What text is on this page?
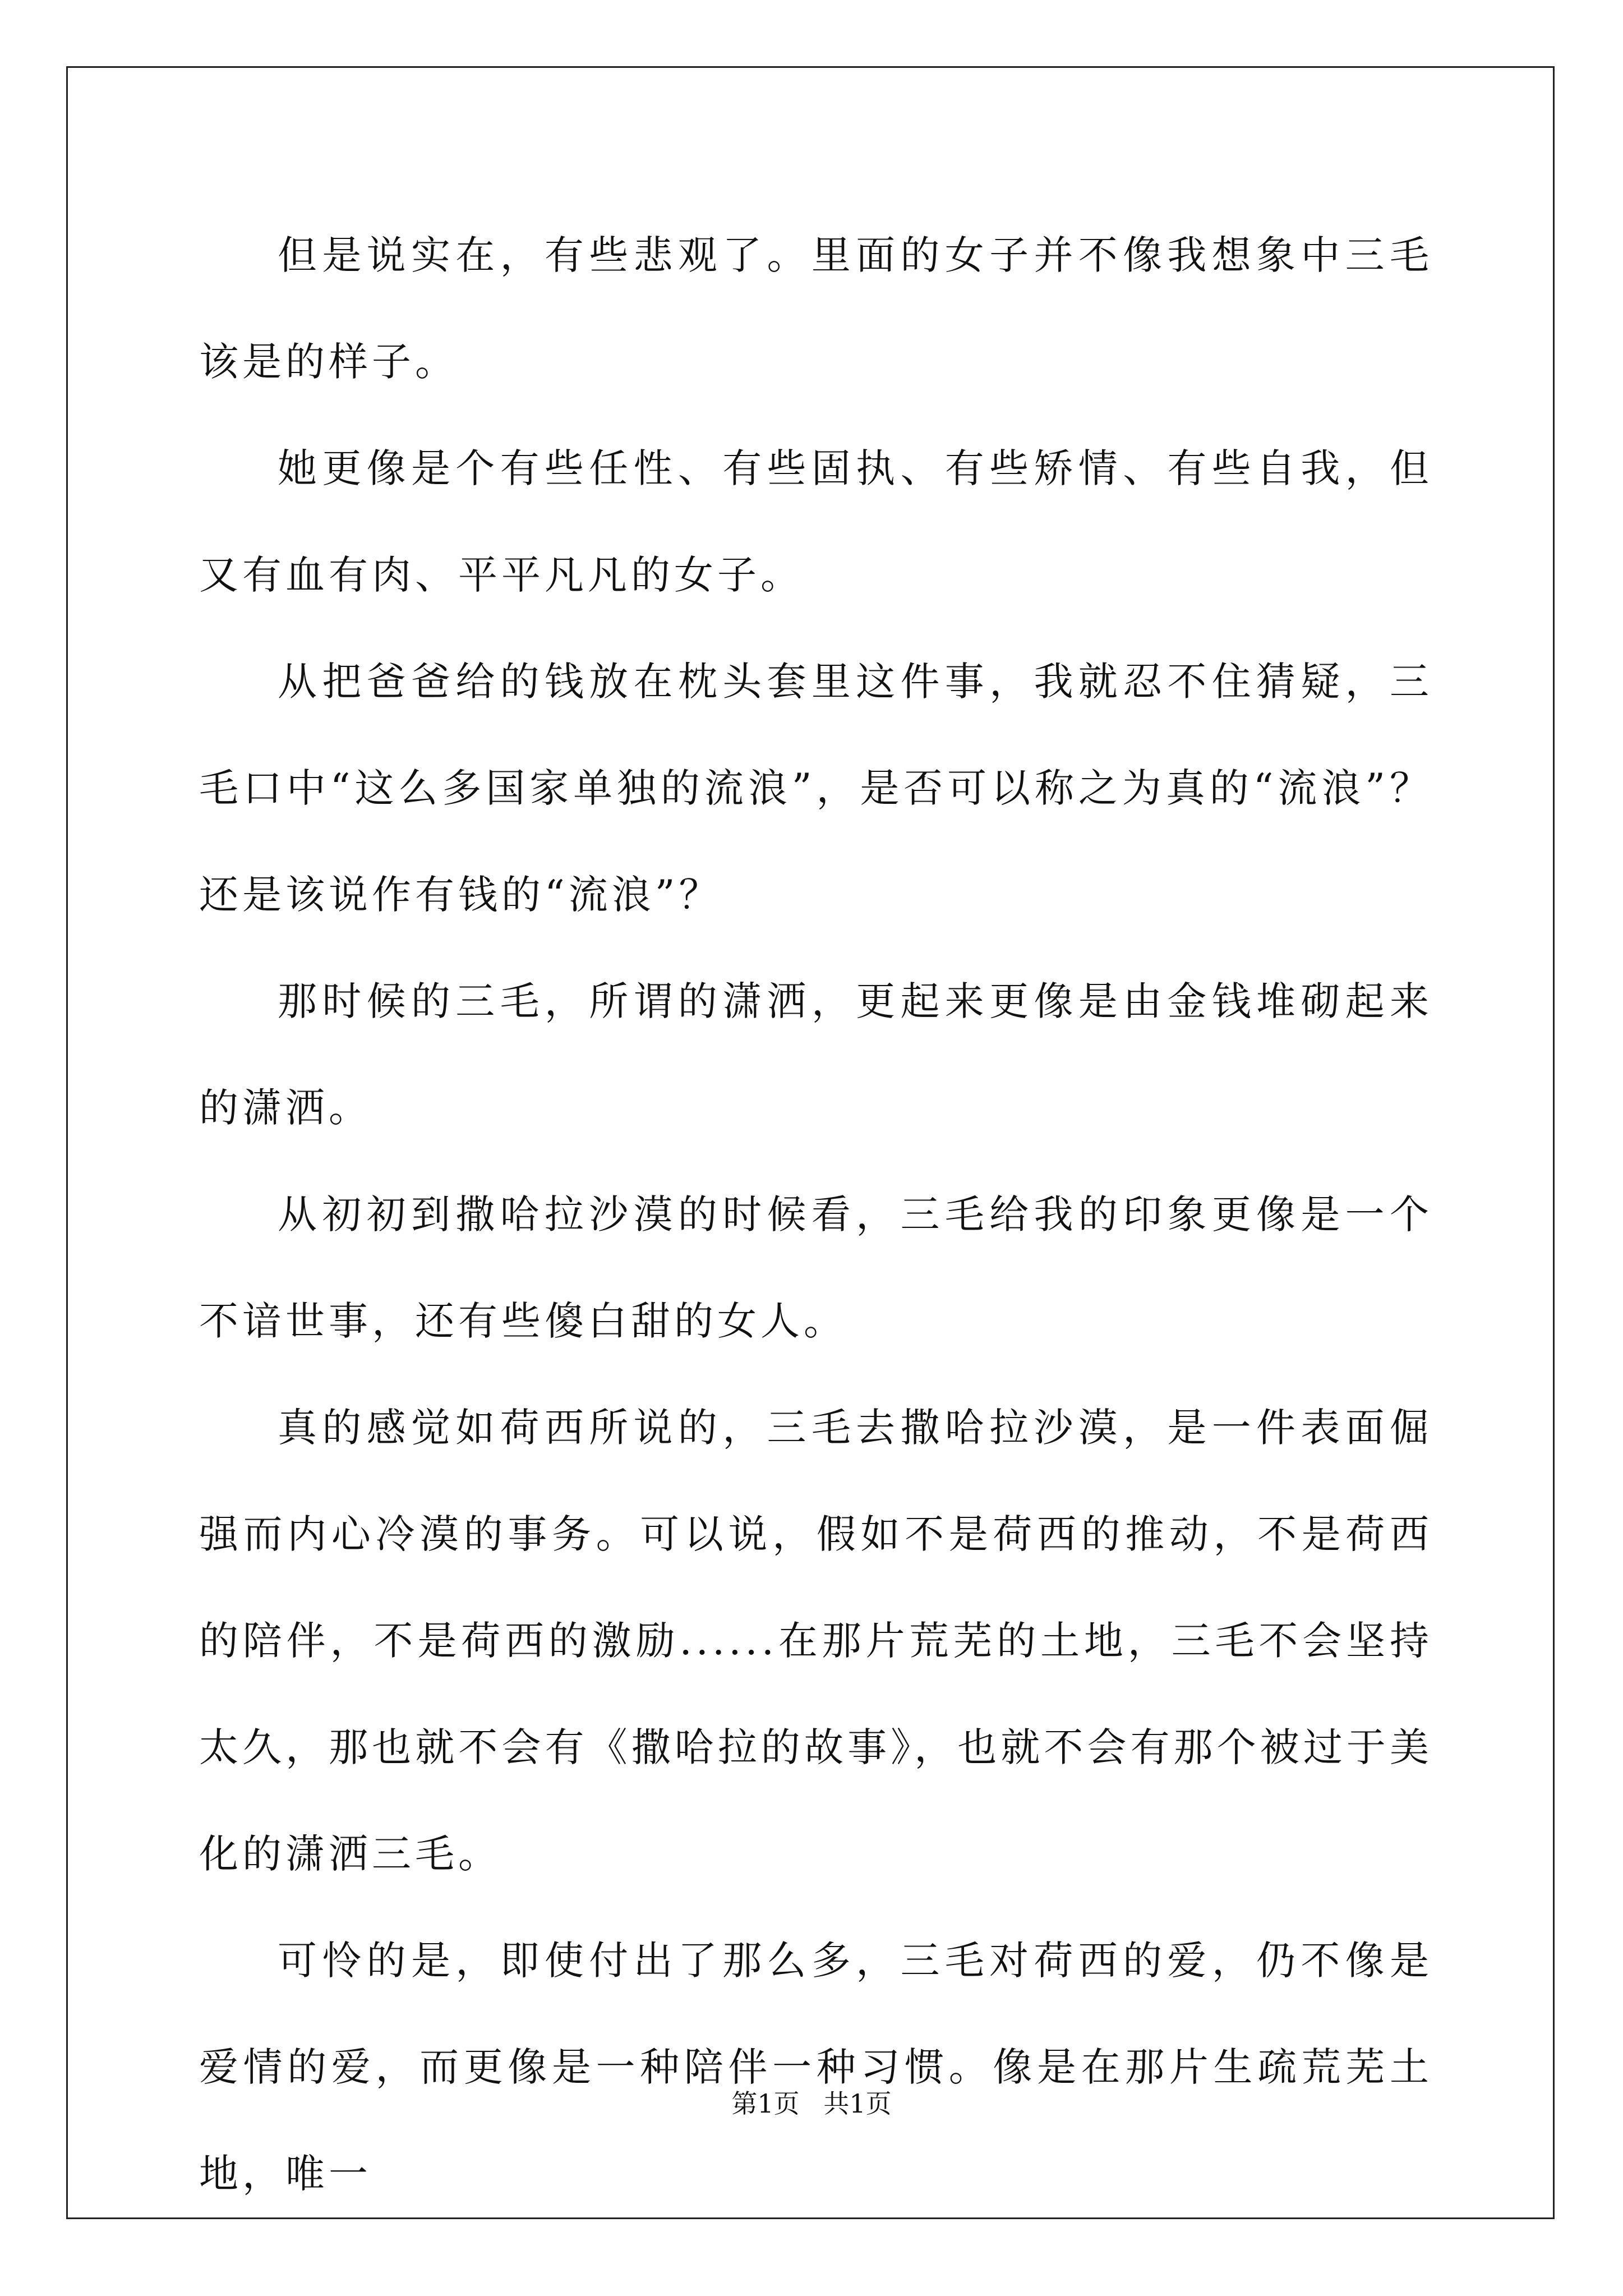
但是说实在，有些悲观了。里面的女子并不像我想象中三毛该是的样子。

她更像是个有些任性、有些固执、有些矫情、有些自我，但又有血有肉、平平凡凡的女子。

从把爸爸给的钱放在枕头套里这件事，我就忍不住猜疑，三毛口中“这么多国家单独的流浪”，是否可以称之为真的“流浪”？还是该说作有钱的“流浪”？

那时候的三毛，所谓的潇洒，更起来更像是由金钱堆砌起来的潇洒。

从初初到撒哈拉沙漠的时候看，三毛给我的印象更像是一个不谙世事，还有些傻白甜的女人。

真的感觉如荷西所说的，三毛去撒哈拉沙漠，是一件表面倔强而内心冷漠的事务。可以说，假如不是荷西的推动，不是荷西的陪伴，不是荷西的激励......在那片荒芜的土地，三毛不会坚持太久，那也就不会有《撒哈拉的故事》，也就不会有那个被过于美化的潇洒三毛。

可怜的是，即使付出了那么多，三毛对荷西的爱，仍不像是爱情的爱，而更像是一种陪伴一种习惯。像是在那片生疏荒芜土地，唯一

第1页 共1页
